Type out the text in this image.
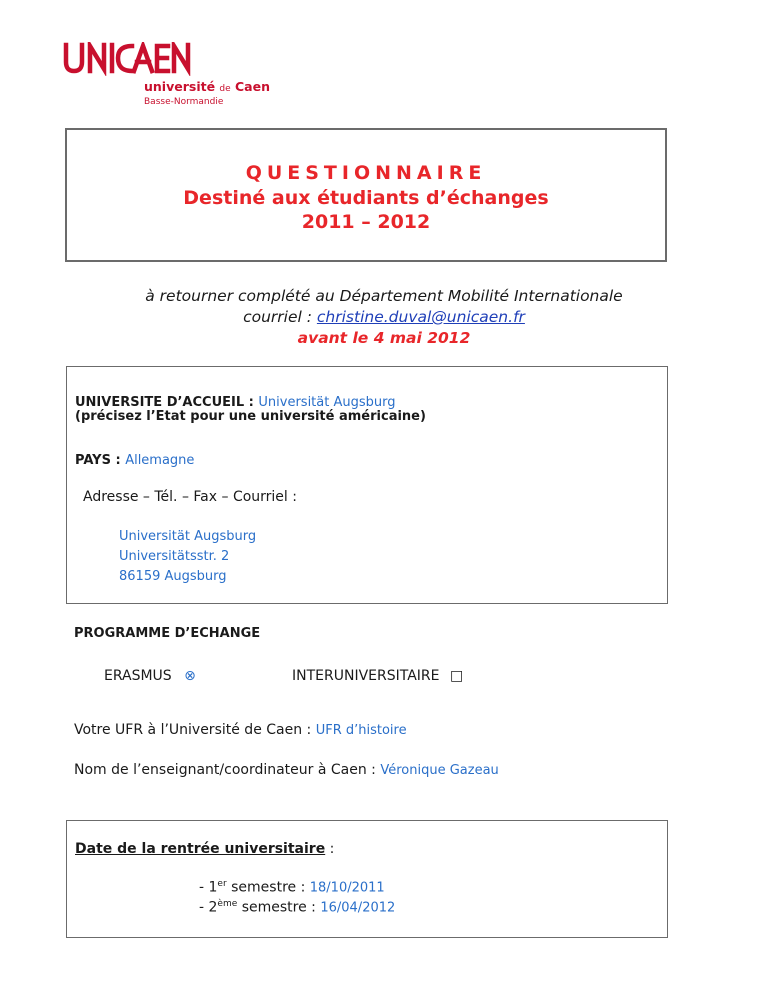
université de Caen
Basse-Normandie
QUESTIONNAIRE
Destiné aux étudiants d’échanges
2011 – 2012
à retourner complété au Département Mobilité Internationale
courriel : christine.duval@unicaen.fr
avant le 4 mai 2012
UNIVERSITE D’ACCUEIL : Universität Augsburg
(précisez l’Etat pour une université américaine)
PAYS : Allemagne
Adresse – Tél. – Fax – Courriel :
Universität Augsburg
Universitätsstr. 2
86159 Augsburg
PROGRAMME D’ECHANGE
ERASMUS ⊗	INTERUNIVERSITAIRE □
Votre UFR à l’Université de Caen : UFR d’histoire
Nom de l’enseignant/coordinateur à Caen : Véronique Gazeau
Date de la rentrée universitaire :
- 1er semestre : 18/10/2011
- 2ème semestre : 16/04/2012
